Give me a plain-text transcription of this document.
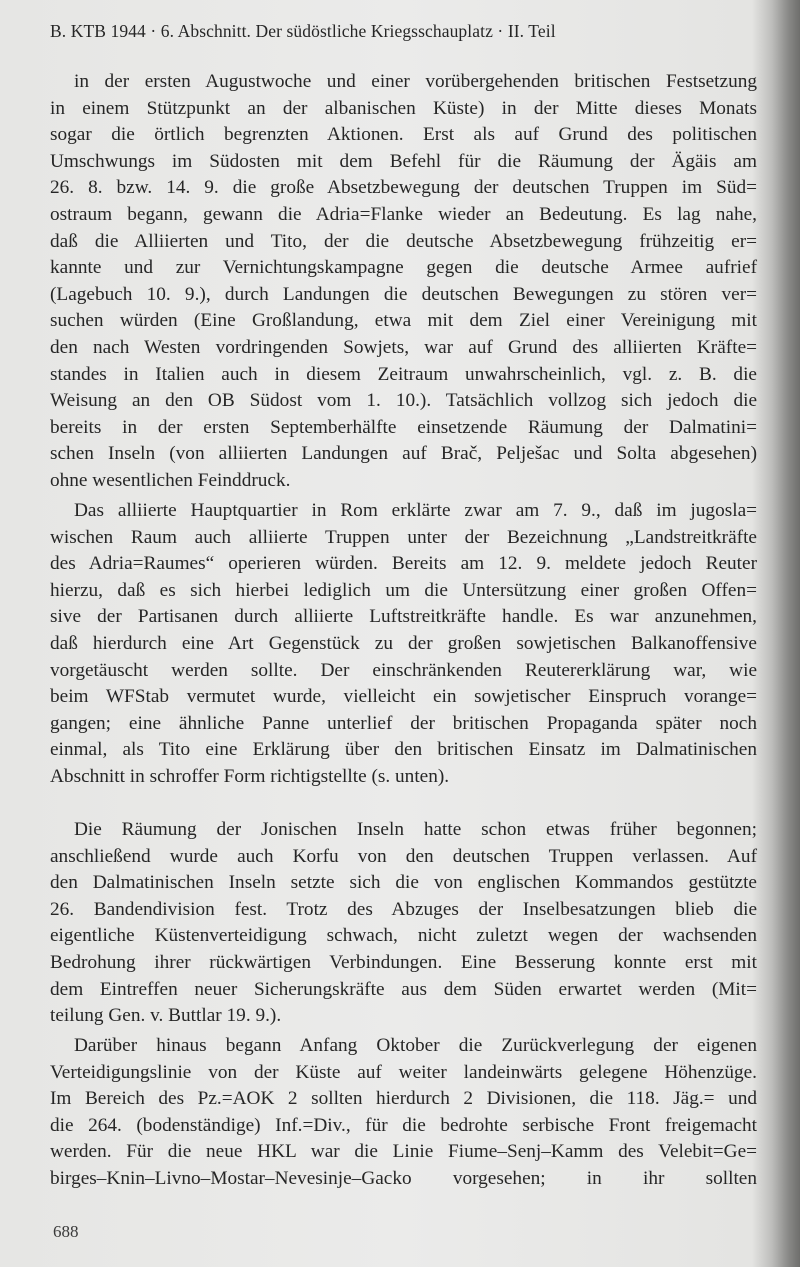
B. KTB 1944 · 6. Abschnitt. Der südöstliche Kriegsschauplatz · II. Teil
in der ersten Augustwoche und einer vorübergehenden britischen Festsetzung
in einem Stützpunkt an der albanischen Küste) in der Mitte dieses Monats
sogar die örtlich begrenzten Aktionen. Erst als auf Grund des politischen
Umschwungs im Südosten mit dem Befehl für die Räumung der Ägäis am
26. 8. bzw. 14. 9. die große Absetzbewegung der deutschen Truppen im Süd=
ostraum begann, gewann die Adria=Flanke wieder an Bedeutung. Es lag nahe,
daß die Alliierten und Tito, der die deutsche Absetzbewegung frühzeitig er=
kannte und zur Vernichtungskampagne gegen die deutsche Armee aufrief
(Lagebuch 10. 9.), durch Landungen die deutschen Bewegungen zu stören ver=
suchen würden (Eine Großlandung, etwa mit dem Ziel einer Vereinigung mit
den nach Westen vordringenden Sowjets, war auf Grund des alliierten Kräfte=
standes in Italien auch in diesem Zeitraum unwahrscheinlich, vgl. z. B. die
Weisung an den OB Südost vom 1. 10.). Tatsächlich vollzog sich jedoch die
bereits in der ersten Septemberhälfte einsetzende Räumung der Dalmatini=
schen Inseln (von alliierten Landungen auf Brač, Pelješac und Solta abgesehen)
ohne wesentlichen Feinddruck.
Das alliierte Hauptquartier in Rom erklärte zwar am 7. 9., daß im jugosla=
wischen Raum auch alliierte Truppen unter der Bezeichnung „Landstreitkräfte
des Adria=Raumes“ operieren würden. Bereits am 12. 9. meldete jedoch Reuter
hierzu, daß es sich hierbei lediglich um die Untersützung einer großen Offen=
sive der Partisanen durch alliierte Luftstreitkräfte handle. Es war anzunehmen,
daß hierdurch eine Art Gegenstück zu der großen sowjetischen Balkanoffensive
vorgetäuscht werden sollte. Der einschränkenden Reutererklärung war, wie
beim WFStab vermutet wurde, vielleicht ein sowjetischer Einspruch vorange=
gangen; eine ähnliche Panne unterlief der britischen Propaganda später noch
einmal, als Tito eine Erklärung über den britischen Einsatz im Dalmatinischen
Abschnitt in schroffer Form richtigstellte (s. unten).
Die Räumung der Jonischen Inseln hatte schon etwas früher begonnen;
anschließend wurde auch Korfu von den deutschen Truppen verlassen. Auf
den Dalmatinischen Inseln setzte sich die von englischen Kommandos gestützte
26. Bandendivision fest. Trotz des Abzuges der Inselbesatzungen blieb die
eigentliche Küstenverteidigung schwach, nicht zuletzt wegen der wachsenden
Bedrohung ihrer rückwärtigen Verbindungen. Eine Besserung konnte erst mit
dem Eintreffen neuer Sicherungskräfte aus dem Süden erwartet werden (Mit=
teilung Gen. v. Buttlar 19. 9.).
Darüber hinaus begann Anfang Oktober die Zurückverlegung der eigenen
Verteidigungslinie von der Küste auf weiter landeinwärts gelegene Höhenzüge.
Im Bereich des Pz.=AOK 2 sollten hierdurch 2 Divisionen, die 118. Jäg.= und
die 264. (bodenständige) Inf.=Div., für die bedrohte serbische Front freigemacht
werden. Für die neue HKL war die Linie Fiume–Senj–Kamm des Velebit=Ge=
birges–Knin–Livno–Mostar–Nevesinje–Gacko vorgesehen; in ihr sollten
688
